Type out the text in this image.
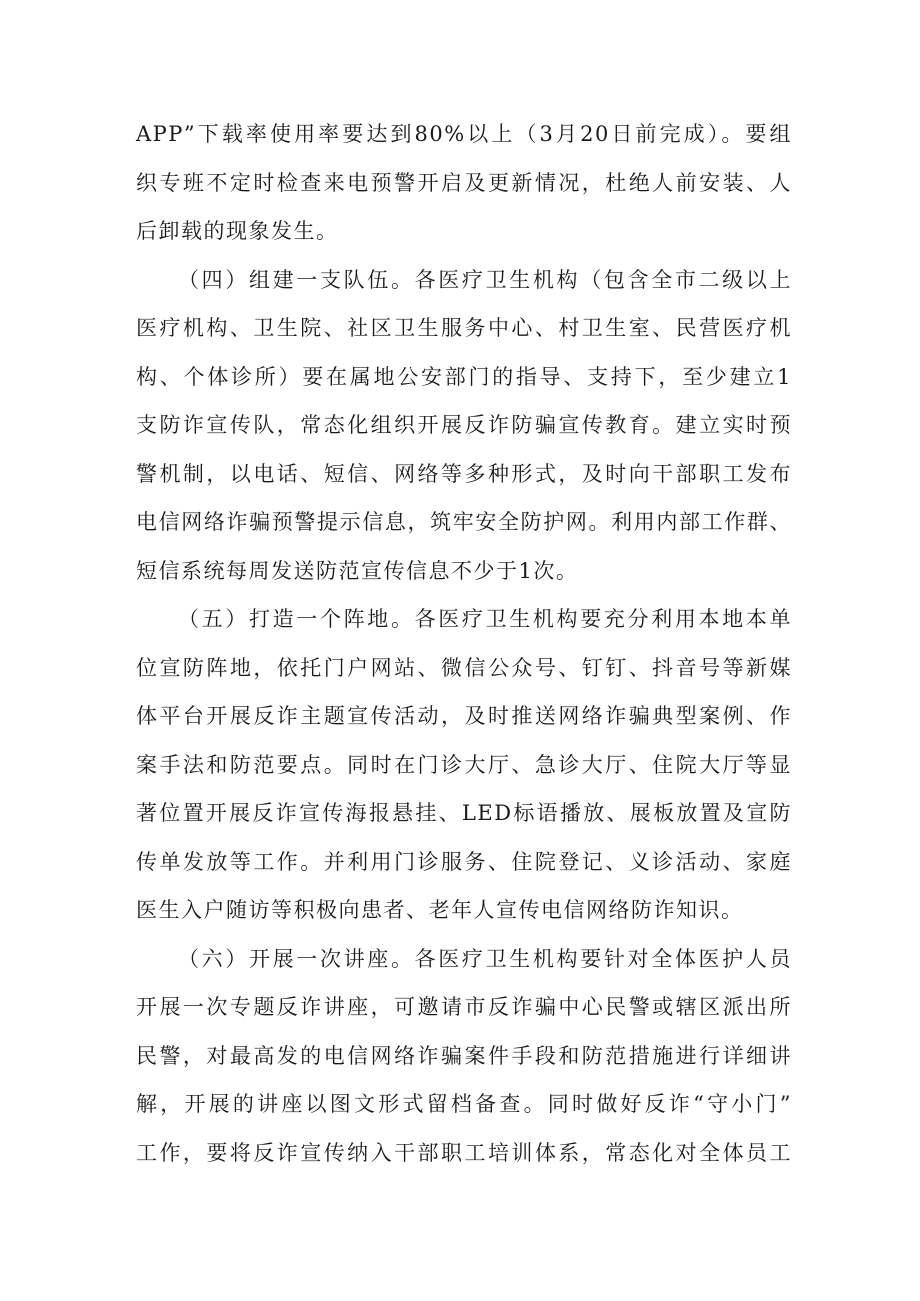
APP”下载率使用率要达到80%以上（3月20日前完成）。要组
织专班不定时检查来电预警开启及更新情况，杜绝人前安装、人
后卸载的现象发生。
（四）组建一支队伍。各医疗卫生机构（包含全市二级以上
医疗机构、卫生院、社区卫生服务中心、村卫生室、民营医疗机
构、个体诊所）要在属地公安部门的指导、支持下，至少建立1
支防诈宣传队，常态化组织开展反诈防骗宣传教育。建立实时预
警机制，以电话、短信、网络等多种形式，及时向干部职工发布
电信网络诈骗预警提示信息，筑牢安全防护网。利用内部工作群、
短信系统每周发送防范宣传信息不少于1次。
（五）打造一个阵地。各医疗卫生机构要充分利用本地本单
位宣防阵地，依托门户网站、微信公众号、钉钉、抖音号等新媒
体平台开展反诈主题宣传活动，及时推送网络诈骗典型案例、作
案手法和防范要点。同时在门诊大厅、急诊大厅、住院大厅等显
著位置开展反诈宣传海报悬挂、LED标语播放、展板放置及宣防
传单发放等工作。并利用门诊服务、住院登记、义诊活动、家庭
医生入户随访等积极向患者、老年人宣传电信网络防诈知识。
（六）开展一次讲座。各医疗卫生机构要针对全体医护人员
开展一次专题反诈讲座，可邀请市反诈骗中心民警或辖区派出所
民警，对最高发的电信网络诈骗案件手段和防范措施进行详细讲
解，开展的讲座以图文形式留档备查。同时做好反诈“守小门”
工作，要将反诈宣传纳入干部职工培训体系，常态化对全体员工
